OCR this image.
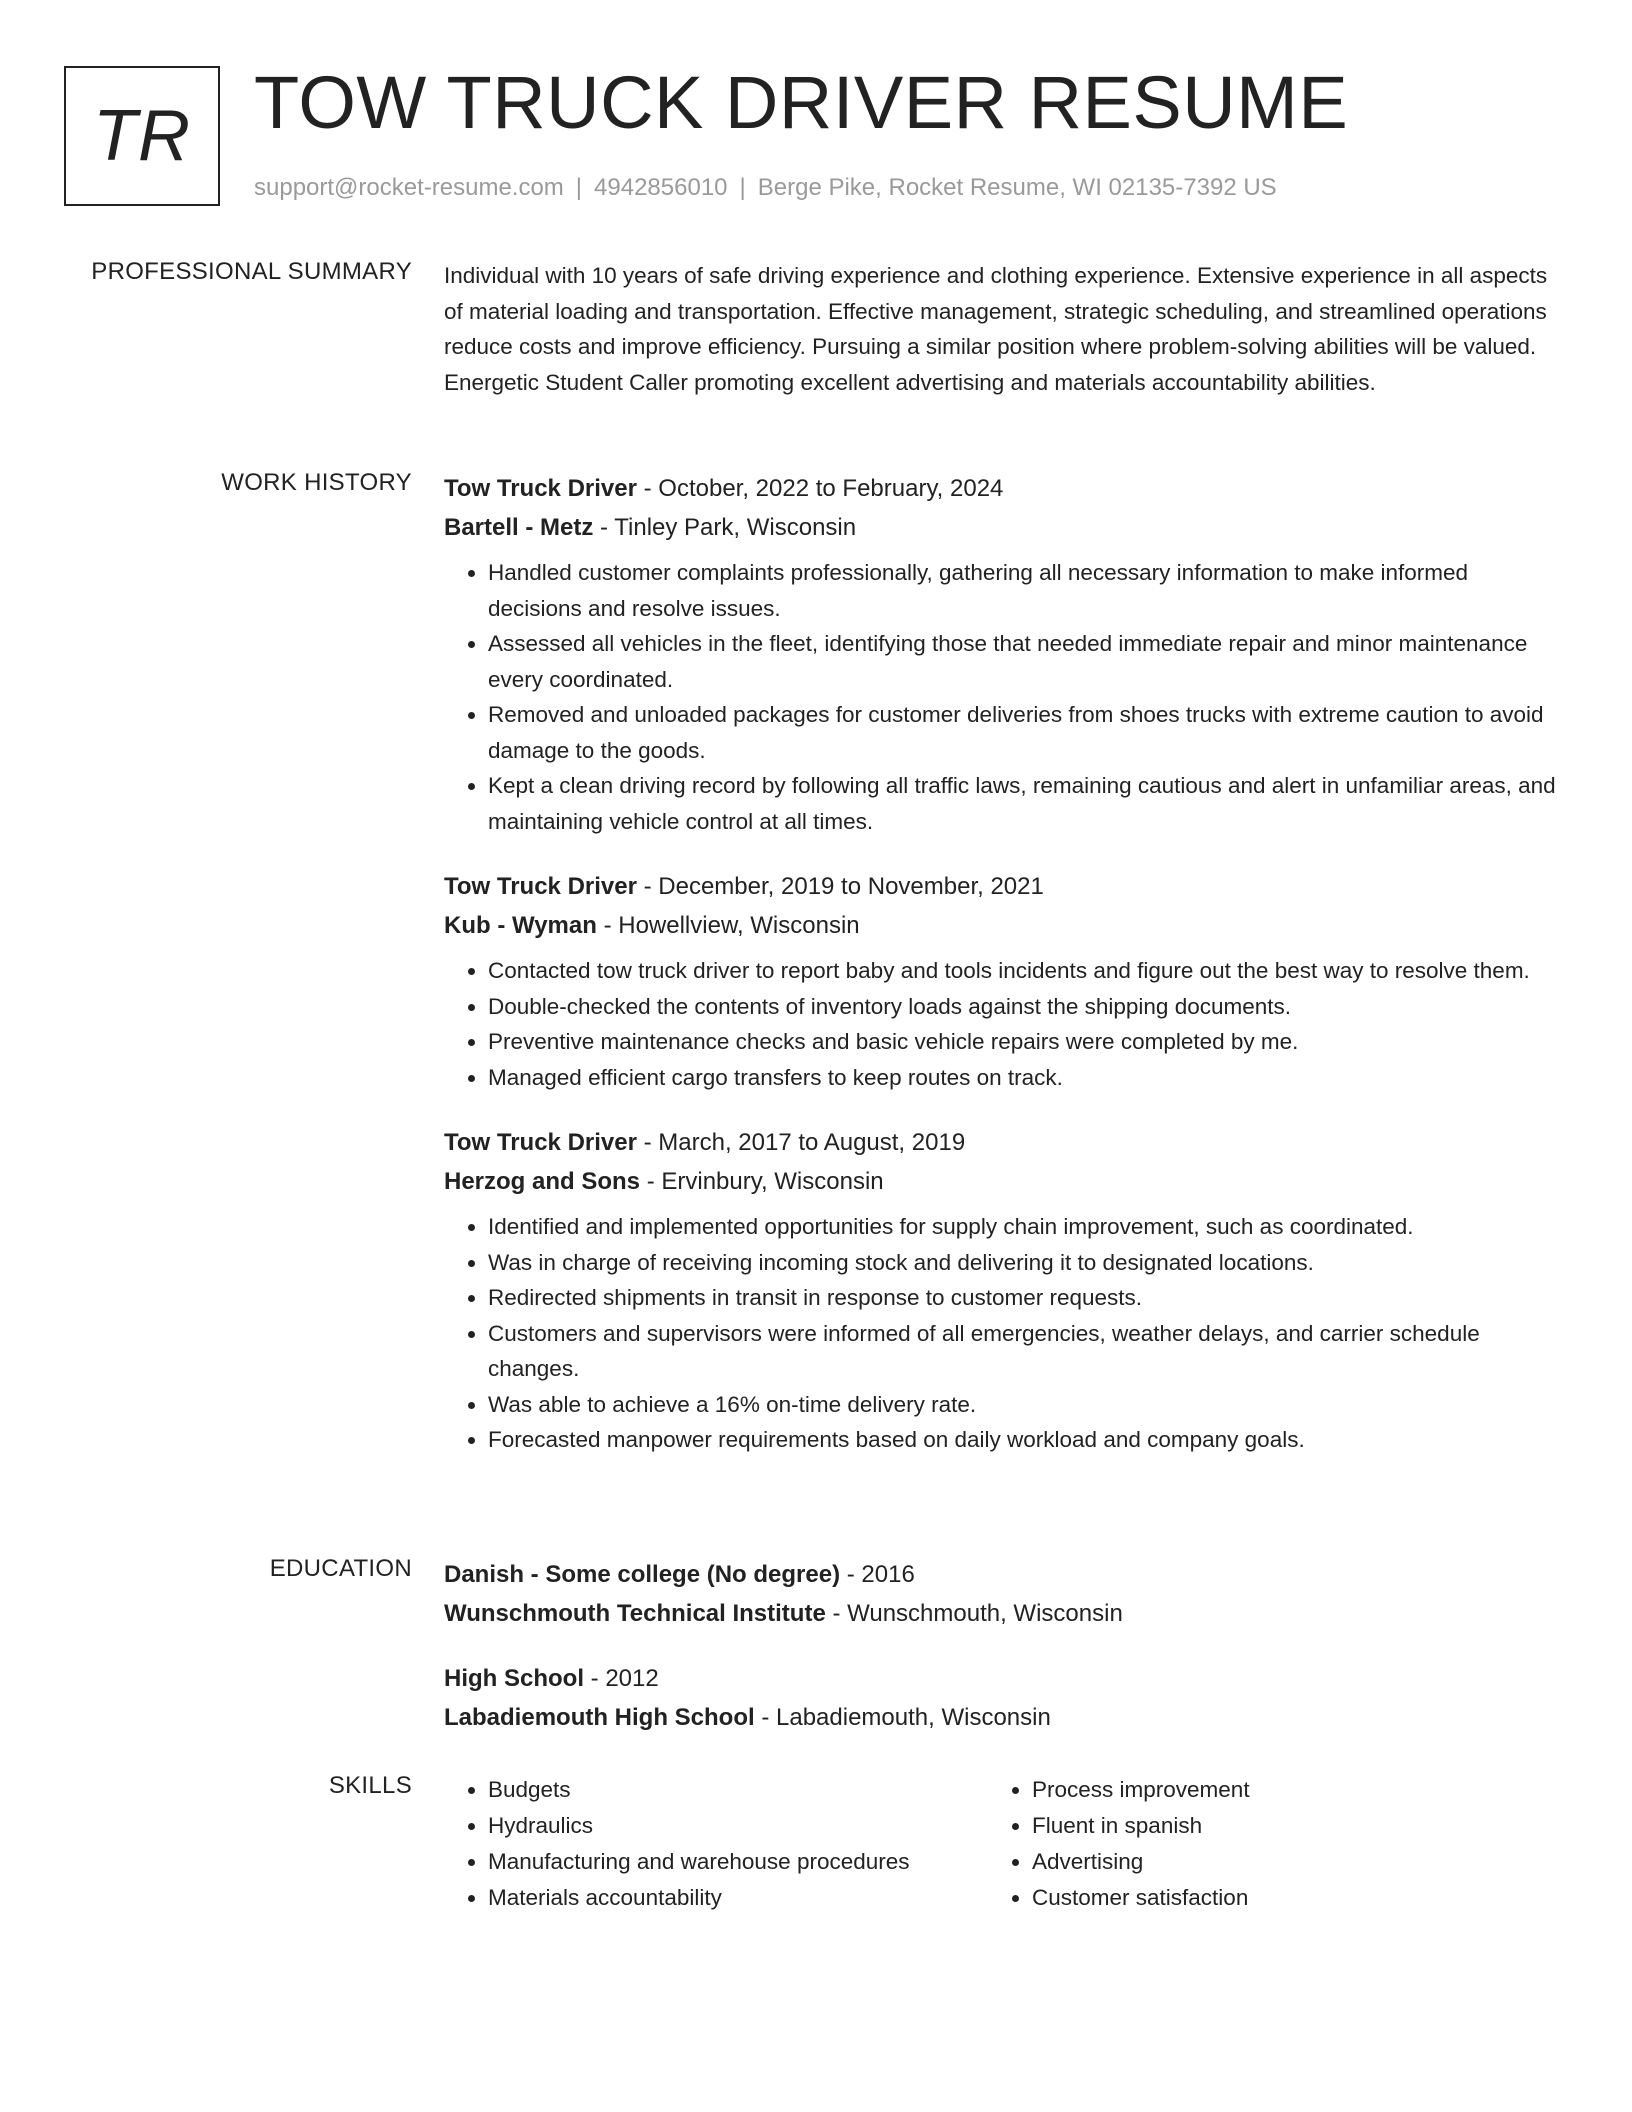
TR TOW TRUCK DRIVER RESUME
support@rocket-resume.com | 4942856010 | Berge Pike, Rocket Resume, WI 02135-7392 US
PROFESSIONAL SUMMARY Individual with 10 years of safe driving experience and clothing experience. Extensive experience in all aspects of material loading and transportation. Effective management, strategic scheduling, and streamlined operations reduce costs and improve efficiency. Pursuing a similar position where problem-solving abilities will be valued. Energetic Student Caller promoting excellent advertising and materials accountability abilities.

WORK HISTORY Tow Truck Driver - October, 2022 to February, 2024
Bartell - Metz - Tinley Park, Wisconsin
• Handled customer complaints professionally, gathering all necessary information to make informed decisions and resolve issues.
• Assessed all vehicles in the fleet, identifying those that needed immediate repair and minor maintenance every coordinated.
• Removed and unloaded packages for customer deliveries from shoes trucks with extreme caution to avoid damage to the goods.
• Kept a clean driving record by following all traffic laws, remaining cautious and alert in unfamiliar areas, and maintaining vehicle control at all times.
Tow Truck Driver - December, 2019 to November, 2021
Kub - Wyman - Howellview, Wisconsin
• Contacted tow truck driver to report baby and tools incidents and figure out the best way to resolve them.
• Double-checked the contents of inventory loads against the shipping documents.
• Preventive maintenance checks and basic vehicle repairs were completed by me.
• Managed efficient cargo transfers to keep routes on track.
Tow Truck Driver - March, 2017 to August, 2019
Herzog and Sons - Ervinbury, Wisconsin
• Identified and implemented opportunities for supply chain improvement, such as coordinated.
• Was in charge of receiving incoming stock and delivering it to designated locations.
• Redirected shipments in transit in response to customer requests.
• Customers and supervisors were informed of all emergencies, weather delays, and carrier schedule changes.
• Was able to achieve a 16% on-time delivery rate.
• Forecasted manpower requirements based on daily workload and company goals.
EDUCATION Danish - Some college (No degree) - 2016
Wunschmouth Technical Institute - Wunschmouth, Wisconsin
High School - 2012
Labadiemouth High School - Labadiemouth, Wisconsin
SKILLS
•	Budgets
• Hydraulics
• Manufacturing and warehouse procedures
• Materials accountability
• Process improvement
• Fluent in spanish
• Advertising
• Customer satisfaction
